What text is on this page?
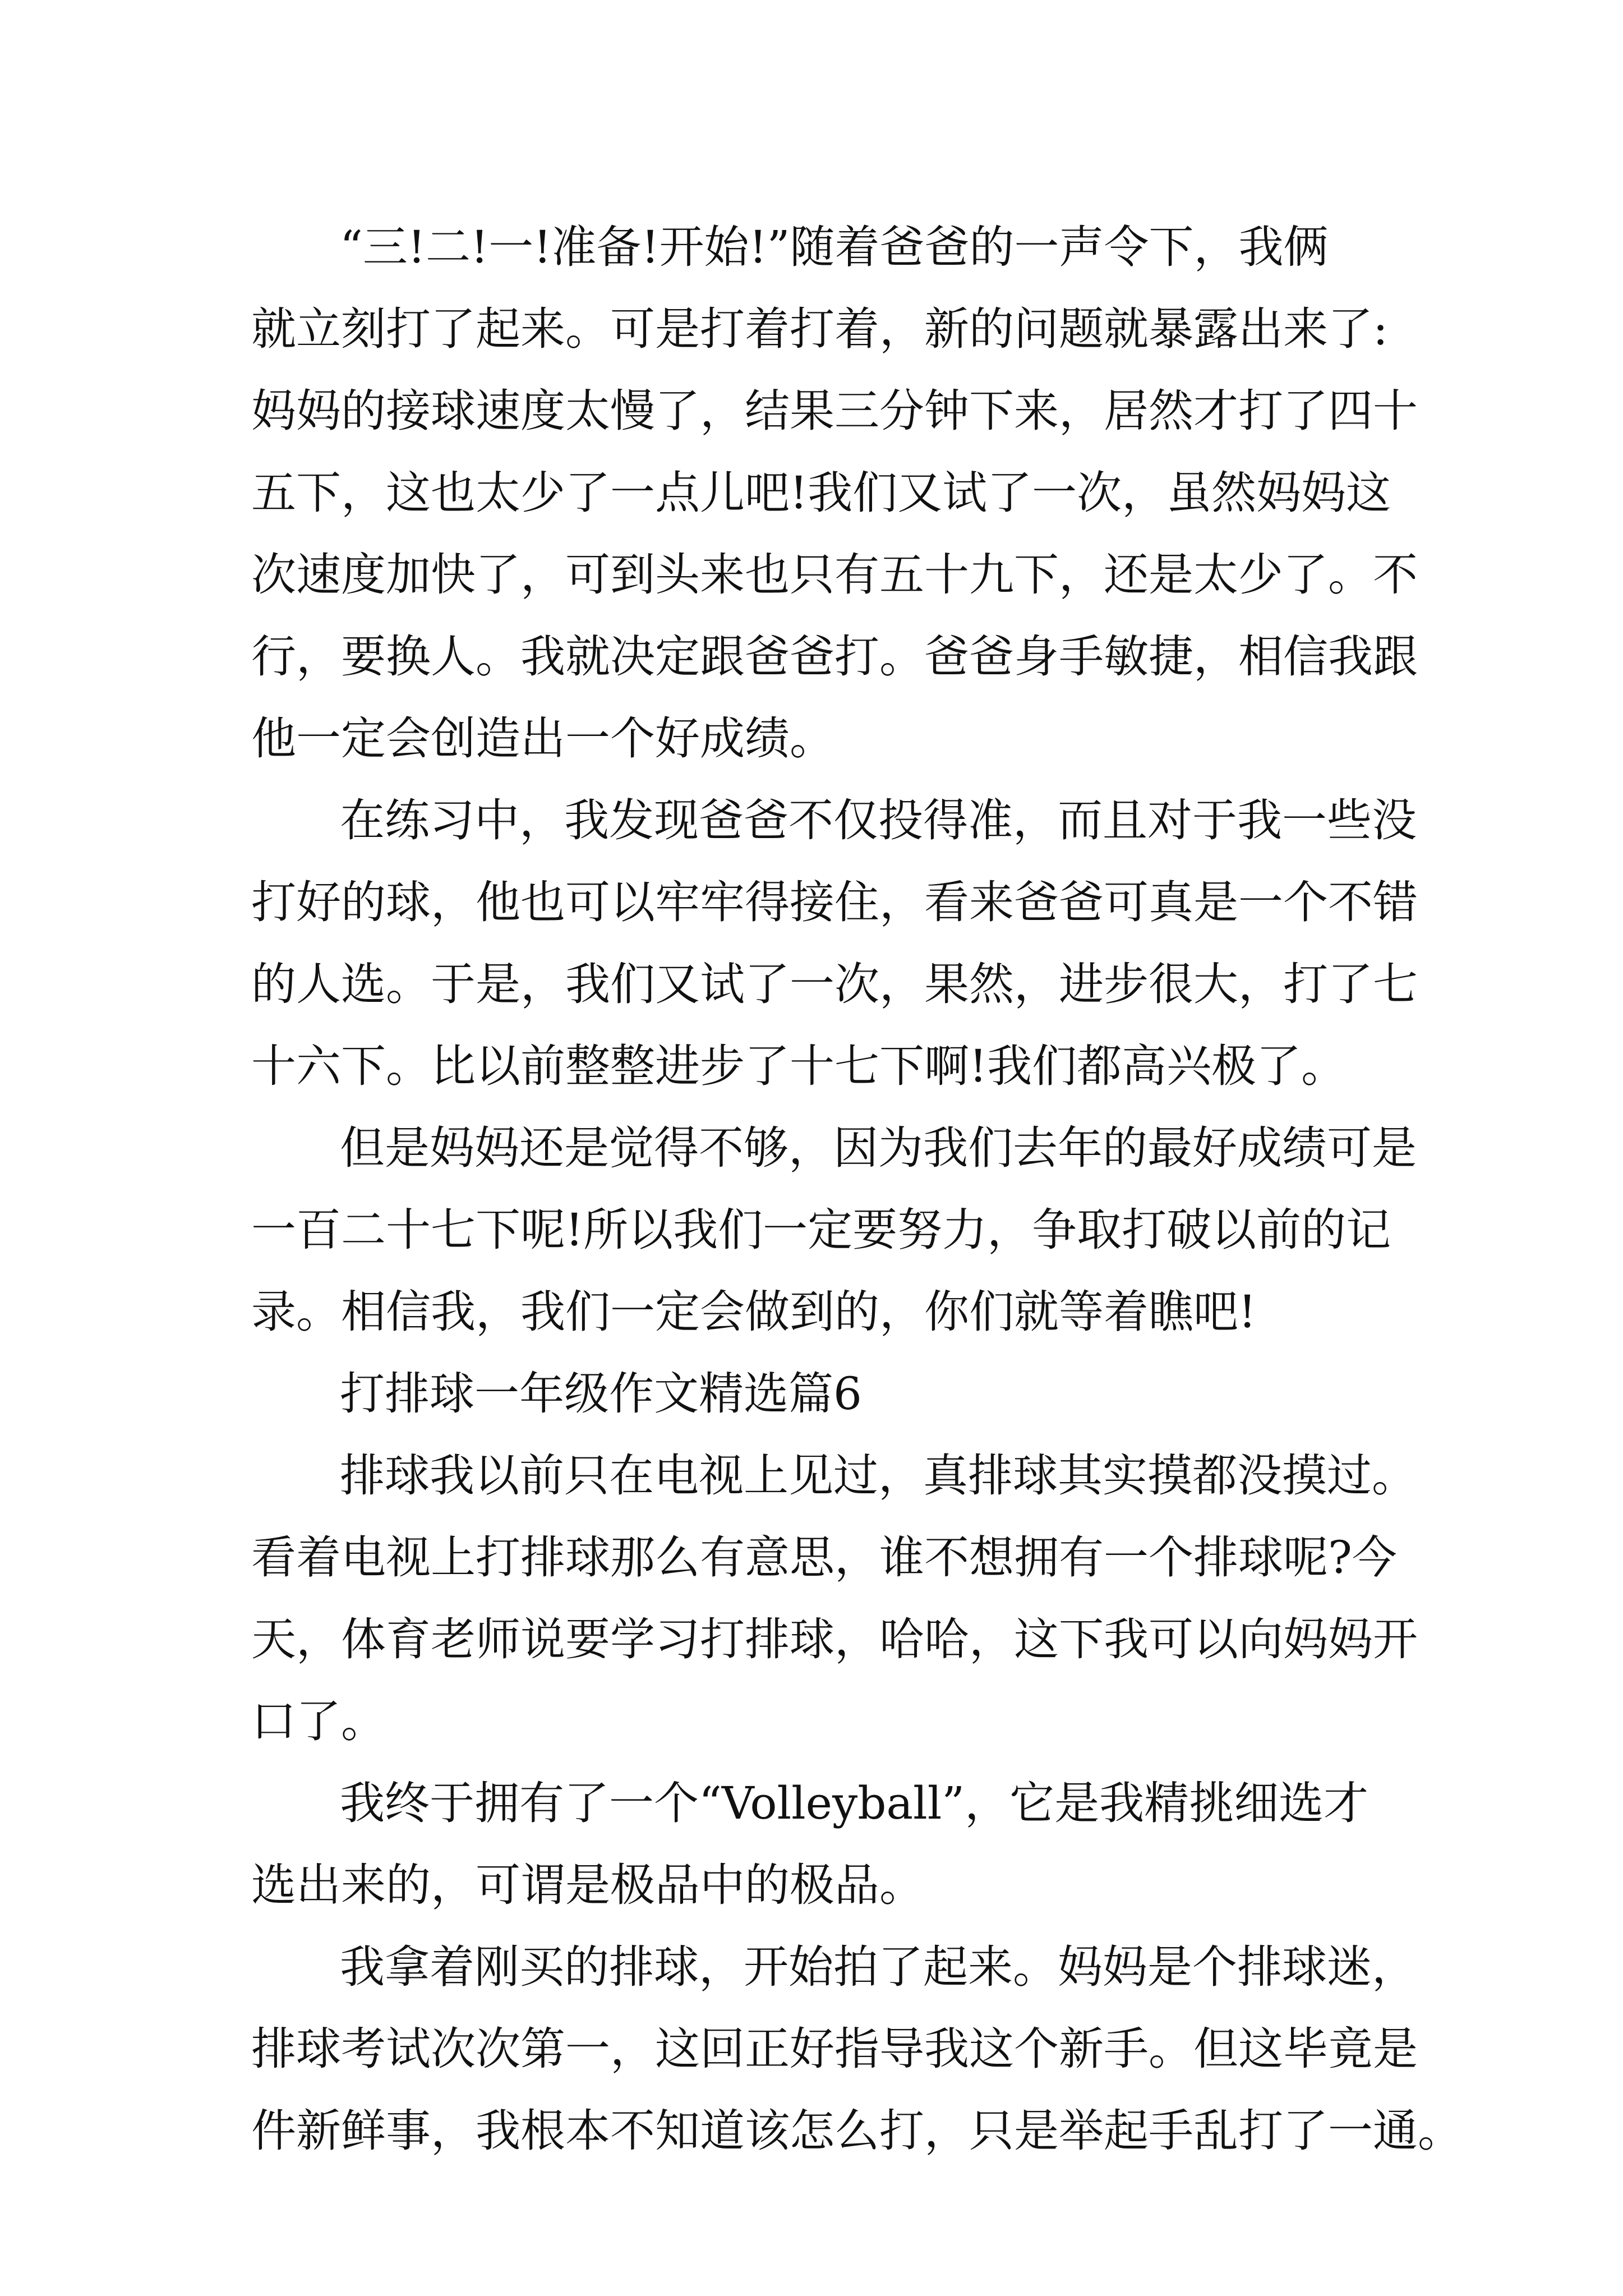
“三!二!一!准备!开始!”随着爸爸的一声令下，我俩
就立刻打了起来。可是打着打着，新的问题就暴露出来了:
妈妈的接球速度太慢了，结果三分钟下来，居然才打了四十
五下，这也太少了一点儿吧!我们又试了一次，虽然妈妈这
次速度加快了，可到头来也只有五十九下，还是太少了。不
行，要换人。我就决定跟爸爸打。爸爸身手敏捷，相信我跟
他一定会创造出一个好成绩。
在练习中，我发现爸爸不仅投得准，而且对于我一些没
打好的球，他也可以牢牢得接住，看来爸爸可真是一个不错
的人选。于是，我们又试了一次，果然，进步很大，打了七
十六下。比以前整整进步了十七下啊!我们都高兴极了。
但是妈妈还是觉得不够，因为我们去年的最好成绩可是
一百二十七下呢!所以我们一定要努力，争取打破以前的记
录。相信我，我们一定会做到的，你们就等着瞧吧!
打排球一年级作文精选篇6
排球我以前只在电视上见过，真排球其实摸都没摸过。
看着电视上打排球那么有意思，谁不想拥有一个排球呢?今
天，体育老师说要学习打排球，哈哈，这下我可以向妈妈开
口了。
我终于拥有了一个“Volleyball”，它是我精挑细选才
选出来的，可谓是极品中的极品。
我拿着刚买的排球，开始拍了起来。妈妈是个排球迷，
排球考试次次第一，这回正好指导我这个新手。但这毕竟是
件新鲜事，我根本不知道该怎么打，只是举起手乱打了一通。
